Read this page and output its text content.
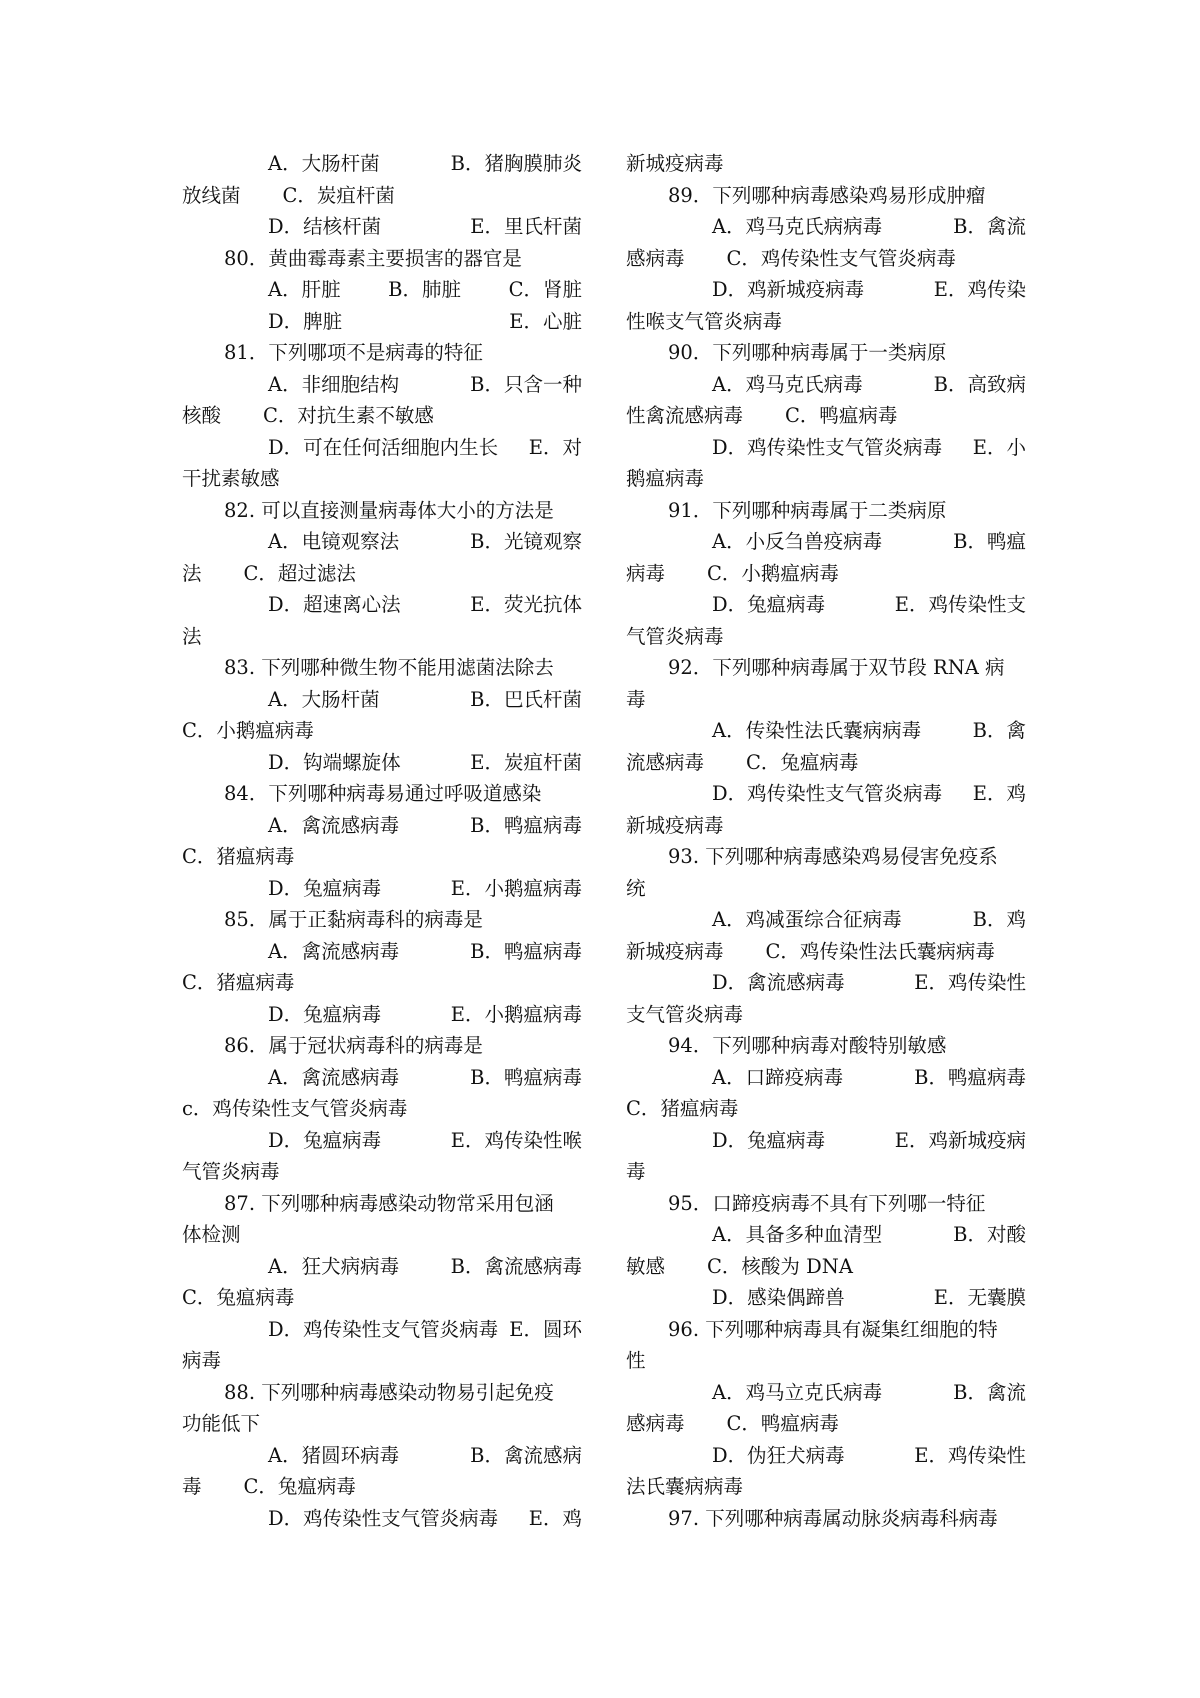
A．大肠杆菌	B．猪胸膜肺炎
放线菌 C．炭疽杆菌
D．结核杆菌	E．里氏杆菌
80．黄曲霉毒素主要损害的器官是
A．肝脏 B．肺脏 C．肾脏
D．脾脏	E．心脏
81．下列哪项不是病毒的特征
A．非细胞结构	B．只含一种
核酸 C．对抗生素不敏感
D．可在任何活细胞内生长 E．对
干扰素敏感
82. 可以直接测量病毒体大小的方法是
A．电镜观察法	B．光镜观察
法 C．超过滤法
D．超速离心法	E．荧光抗体
法
83. 下列哪种微生物不能用滤菌法除去
A．大肠杆菌	B．巴氏杆菌
C．小鹅瘟病毒
D．钩端螺旋体	E．炭疽杆菌
84．下列哪种病毒易通过呼吸道感染
A．禽流感病毒	B．鸭瘟病毒
C．猪瘟病毒
D．兔瘟病毒	E．小鹅瘟病毒
85．属于正黏病毒科的病毒是
A．禽流感病毒	B．鸭瘟病毒
C．猪瘟病毒
D．兔瘟病毒	E．小鹅瘟病毒
86．属于冠状病毒科的病毒是
A．禽流感病毒	B．鸭瘟病毒
c．鸡传染性支气管炎病毒
D．兔瘟病毒	E．鸡传染性喉
气管炎病毒
87. 下列哪种病毒感染动物常采用包涵
体检测
A．狂犬病病毒	B．禽流感病毒
C．兔瘟病毒
D．鸡传染性支气管炎病毒 E．圆环
病毒
88. 下列哪种病毒感染动物易引起免疫
功能低下
A．猪圆环病毒	B．禽流感病
毒 C．兔瘟病毒
D．鸡传染性支气管炎病毒 E．鸡
新城疫病毒
89．下列哪种病毒感染鸡易形成肿瘤
A．鸡马克氏病病毒	B．禽流
感病毒 C．鸡传染性支气管炎病毒
D．鸡新城疫病毒	E．鸡传染
性喉支气管炎病毒
90．下列哪种病毒属于一类病原
A．鸡马克氏病毒	B．高致病
性禽流感病毒 C．鸭瘟病毒
D．鸡传染性支气管炎病毒 E．小
鹅瘟病毒
91．下列哪种病毒属于二类病原
A．小反刍兽疫病毒	B．鸭瘟
病毒 C．小鹅瘟病毒
D．兔瘟病毒	E．鸡传染性支
气管炎病毒
92．下列哪种病毒属于双节段 RNA 病
毒
A．传染性法氏囊病病毒	B．禽
流感病毒 C．兔瘟病毒
D．鸡传染性支气管炎病毒 E．鸡
新城疫病毒
93. 下列哪种病毒感染鸡易侵害免疫系
统
A．鸡减蛋综合征病毒	B．鸡
新城疫病毒 C．鸡传染性法氏囊病病毒
D．禽流感病毒	E．鸡传染性
支气管炎病毒
94．下列哪种病毒对酸特别敏感
A．口蹄疫病毒	B．鸭瘟病毒
C．猪瘟病毒
D．兔瘟病毒	E．鸡新城疫病
毒
95．口蹄疫病毒不具有下列哪一特征
A．具备多种血清型	B．对酸
敏感 C．核酸为 DNA
D．感染偶蹄兽	E．无囊膜
96. 下列哪种病毒具有凝集红细胞的特
性
A．鸡马立克氏病毒	B．禽流
感病毒 C．鸭瘟病毒
D．伪狂犬病毒	E．鸡传染性
法氏囊病病毒
97. 下列哪种病毒属动脉炎病毒科病毒
